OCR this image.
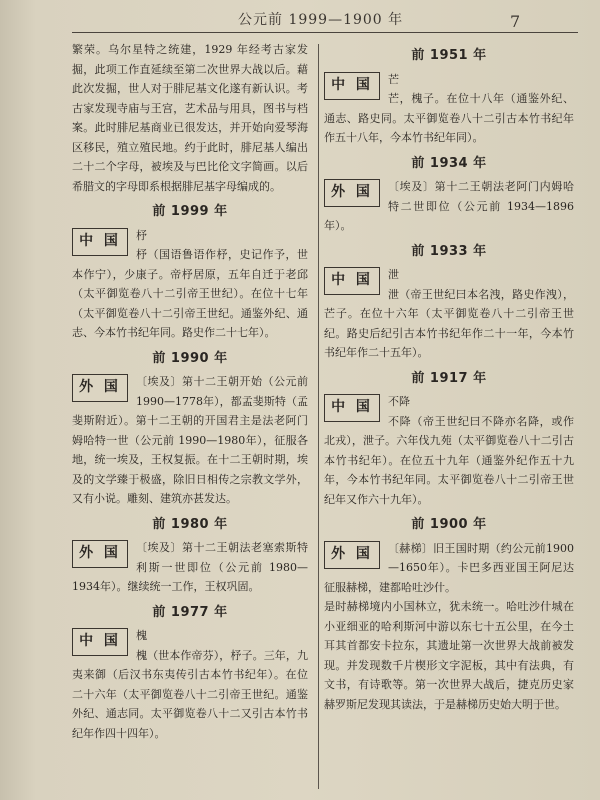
公元前 1999—1900 年	7

繁荣。乌尔星特之统建，1929 年经考古家发掘，此项工作直延续至第二次世界大战以后。藉此次发掘，世人对于腓尼基文化遂有新认识。考古家发现寺庙与王宫，艺术品与用具，图书与档案。此时腓尼基商业已很发达，并开始向爱琴海区移民，殖立殖民地。约于此时，腓尼基人编出二十二个字母，被埃及与巴比伦文字简画。以后希腊文的字母即系根据腓尼基字母编成的。

前 1999 年
中 国	杼
杼（国语鲁语作杼，史记作予，世本作宁），少康子。帝杼居原，五年自迁于老邱（太平御览卷八十二引帝王世纪）。在位十七年（太平御览卷八十二引帝王世纪。通鉴外纪、通志、今本竹书纪年同。路史作二十七年）。
前 1990 年
外 国	〔埃及〕第十二王朝开始（公元前 1990—1778年），都孟斐斯特（孟斐斯附近）。第十二王朝的开国君主是法老阿门姆哈特一世（公元前 1990—1980年），征服各地，统一埃及，王权复振。在十二王朝时期，埃及的文学臻于极盛，除旧日相传之宗教文学外，又有小说。雕刻、建筑亦甚发达。
前 1980 年
外 国	〔埃及〕第十二王朝法老塞索斯特利斯一世即位（公元前 1980—1934年）。继续统一工作，王权巩固。
前 1977 年
中 国	槐
槐（世本作帝芬），杼子。三年，九夷来御（后汉书东夷传引古本竹书纪年）。在位二十六年（太平御览卷八十二引帝王世纪。通鉴外纪、通志同。太平御览卷八十二又引古本竹书纪年作四十四年）。
前 1951 年
中 国	芒
芒，槐子。在位十八年（通鉴外纪、通志、路史同。太平御览卷八十二引古本竹书纪年作五十八年，今本竹书纪年同）。
前 1934 年
外 国	〔埃及〕第十二王朝法老阿门内姆哈特二世即位（公元前 1934—1896年）。
前 1933 年
中 国	泄
泄（帝王世纪曰本名洩，路史作洩），芒子。在位十六年（太平御览卷八十二引帝王世纪。路史后纪引古本竹书纪年作二十一年，今本竹书纪年作二十五年）。
前 1917 年
中 国	不降
不降（帝王世纪曰不降亦名降，或作北戎），泄子。六年伐九苑（太平御览卷八十二引古本竹书纪年）。在位五十九年（通鉴外纪作五十九年，今本竹书纪年同。太平御览卷八十二引帝王世纪年又作六十九年）。
前 1900 年
外 国	〔赫梯〕旧王国时期（约公元前1900—1650年）。卡巴多西亚国王阿尼达征服赫梯，建都哈吐沙什。
是时赫梯境内小国林立，犹未统一。哈吐沙什城在小亚细亚的哈利斯河中游以东七十五公里，在今土耳其首都安卡拉东，其遗址第一次世界大战前被发现。并发现数千片楔形文字泥板，其中有法典，有文书，有诗歌等。第一次世界大战后，捷克历史家赫罗斯尼发现其读法，于是赫梯历史始大明于世。
